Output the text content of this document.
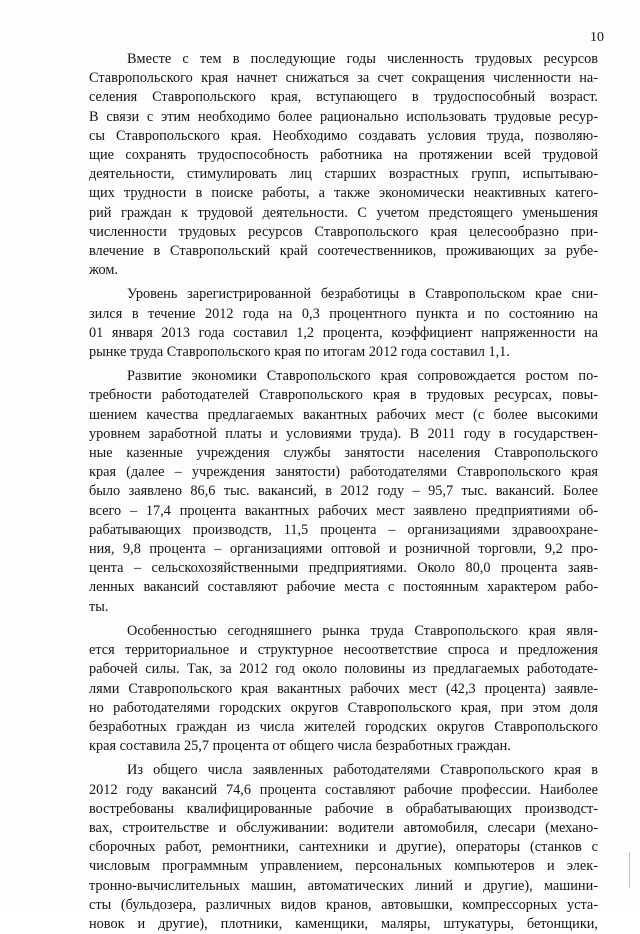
10
Вместе с тем в последующие годы численность трудовых ресурсов
Ставропольского края начнет снижаться за счет сокращения численности на-
селения Ставропольского края, вступающего в трудоспособный возраст.
В связи с этим необходимо более рационально использовать трудовые ресур-
сы Ставропольского края. Необходимо создавать условия труда, позволяю-
щие сохранять трудоспособность работника на протяжении всей трудовой
деятельности, стимулировать лиц старших возрастных групп, испытываю-
щих трудности в поиске работы, а также экономически неактивных катего-
рий граждан к трудовой деятельности. С учетом предстоящего уменьшения
численности трудовых ресурсов Ставропольского края целесообразно при-
влечение в Ставропольский край соотечественников, проживающих за рубе-
жом.
Уровень зарегистрированной безработицы в Ставропольском крае сни-
зился в течение 2012 года на 0,3 процентного пункта и по состоянию на
01 января 2013 года составил 1,2 процента, коэффициент напряженности на
рынке труда Ставропольского края по итогам 2012 года составил 1,1.
Развитие экономики Ставропольского края сопровождается ростом по-
требности работодателей Ставропольского края в трудовых ресурсах, повы-
шением качества предлагаемых вакантных рабочих мест (с более высокими
уровнем заработной платы и условиями труда). В 2011 году в государствен-
ные казенные учреждения службы занятости населения Ставропольского
края (далее – учреждения занятости) работодателями Ставропольского края
было заявлено 86,6 тыс. вакансий, в 2012 году – 95,7 тыс. вакансий. Более
всего – 17,4 процента вакантных рабочих мест заявлено предприятиями об-
рабатывающих производств, 11,5 процента – организациями здравоохране-
ния, 9,8 процента – организациями оптовой и розничной торговли, 9,2 про-
цента – сельскохозяйственными предприятиями. Около 80,0 процента заяв-
ленных вакансий составляют рабочие места с постоянным характером рабо-
ты.
Особенностью сегодняшнего рынка труда Ставропольского края явля-
ется территориальное и структурное несоответствие спроса и предложения
рабочей силы. Так, за 2012 год около половины из предлагаемых работодате-
лями Ставропольского края вакантных рабочих мест (42,3 процента) заявле-
но работодателями городских округов Ставропольского края, при этом доля
безработных граждан из числа жителей городских округов Ставропольского
края составила 25,7 процента от общего числа безработных граждан.
Из общего числа заявленных работодателями Ставропольского края в
2012 году вакансий 74,6 процента составляют рабочие профессии. Наиболее
востребованы квалифицированные рабочие в обрабатывающих производст-
вах, строительстве и обслуживании: водители автомобиля, слесари (механо-
сборочных работ, ремонтники, сантехники и другие), операторы (станков с
числовым программным управлением, персональных компьютеров и элек-
тронно-вычислительных машин, автоматических линий и другие), машини-
сты (бульдозера, различных видов кранов, автовышки, компрессорных уста-
новок и другие), плотники, каменщики, маляры, штукатуры, бетонщики,
